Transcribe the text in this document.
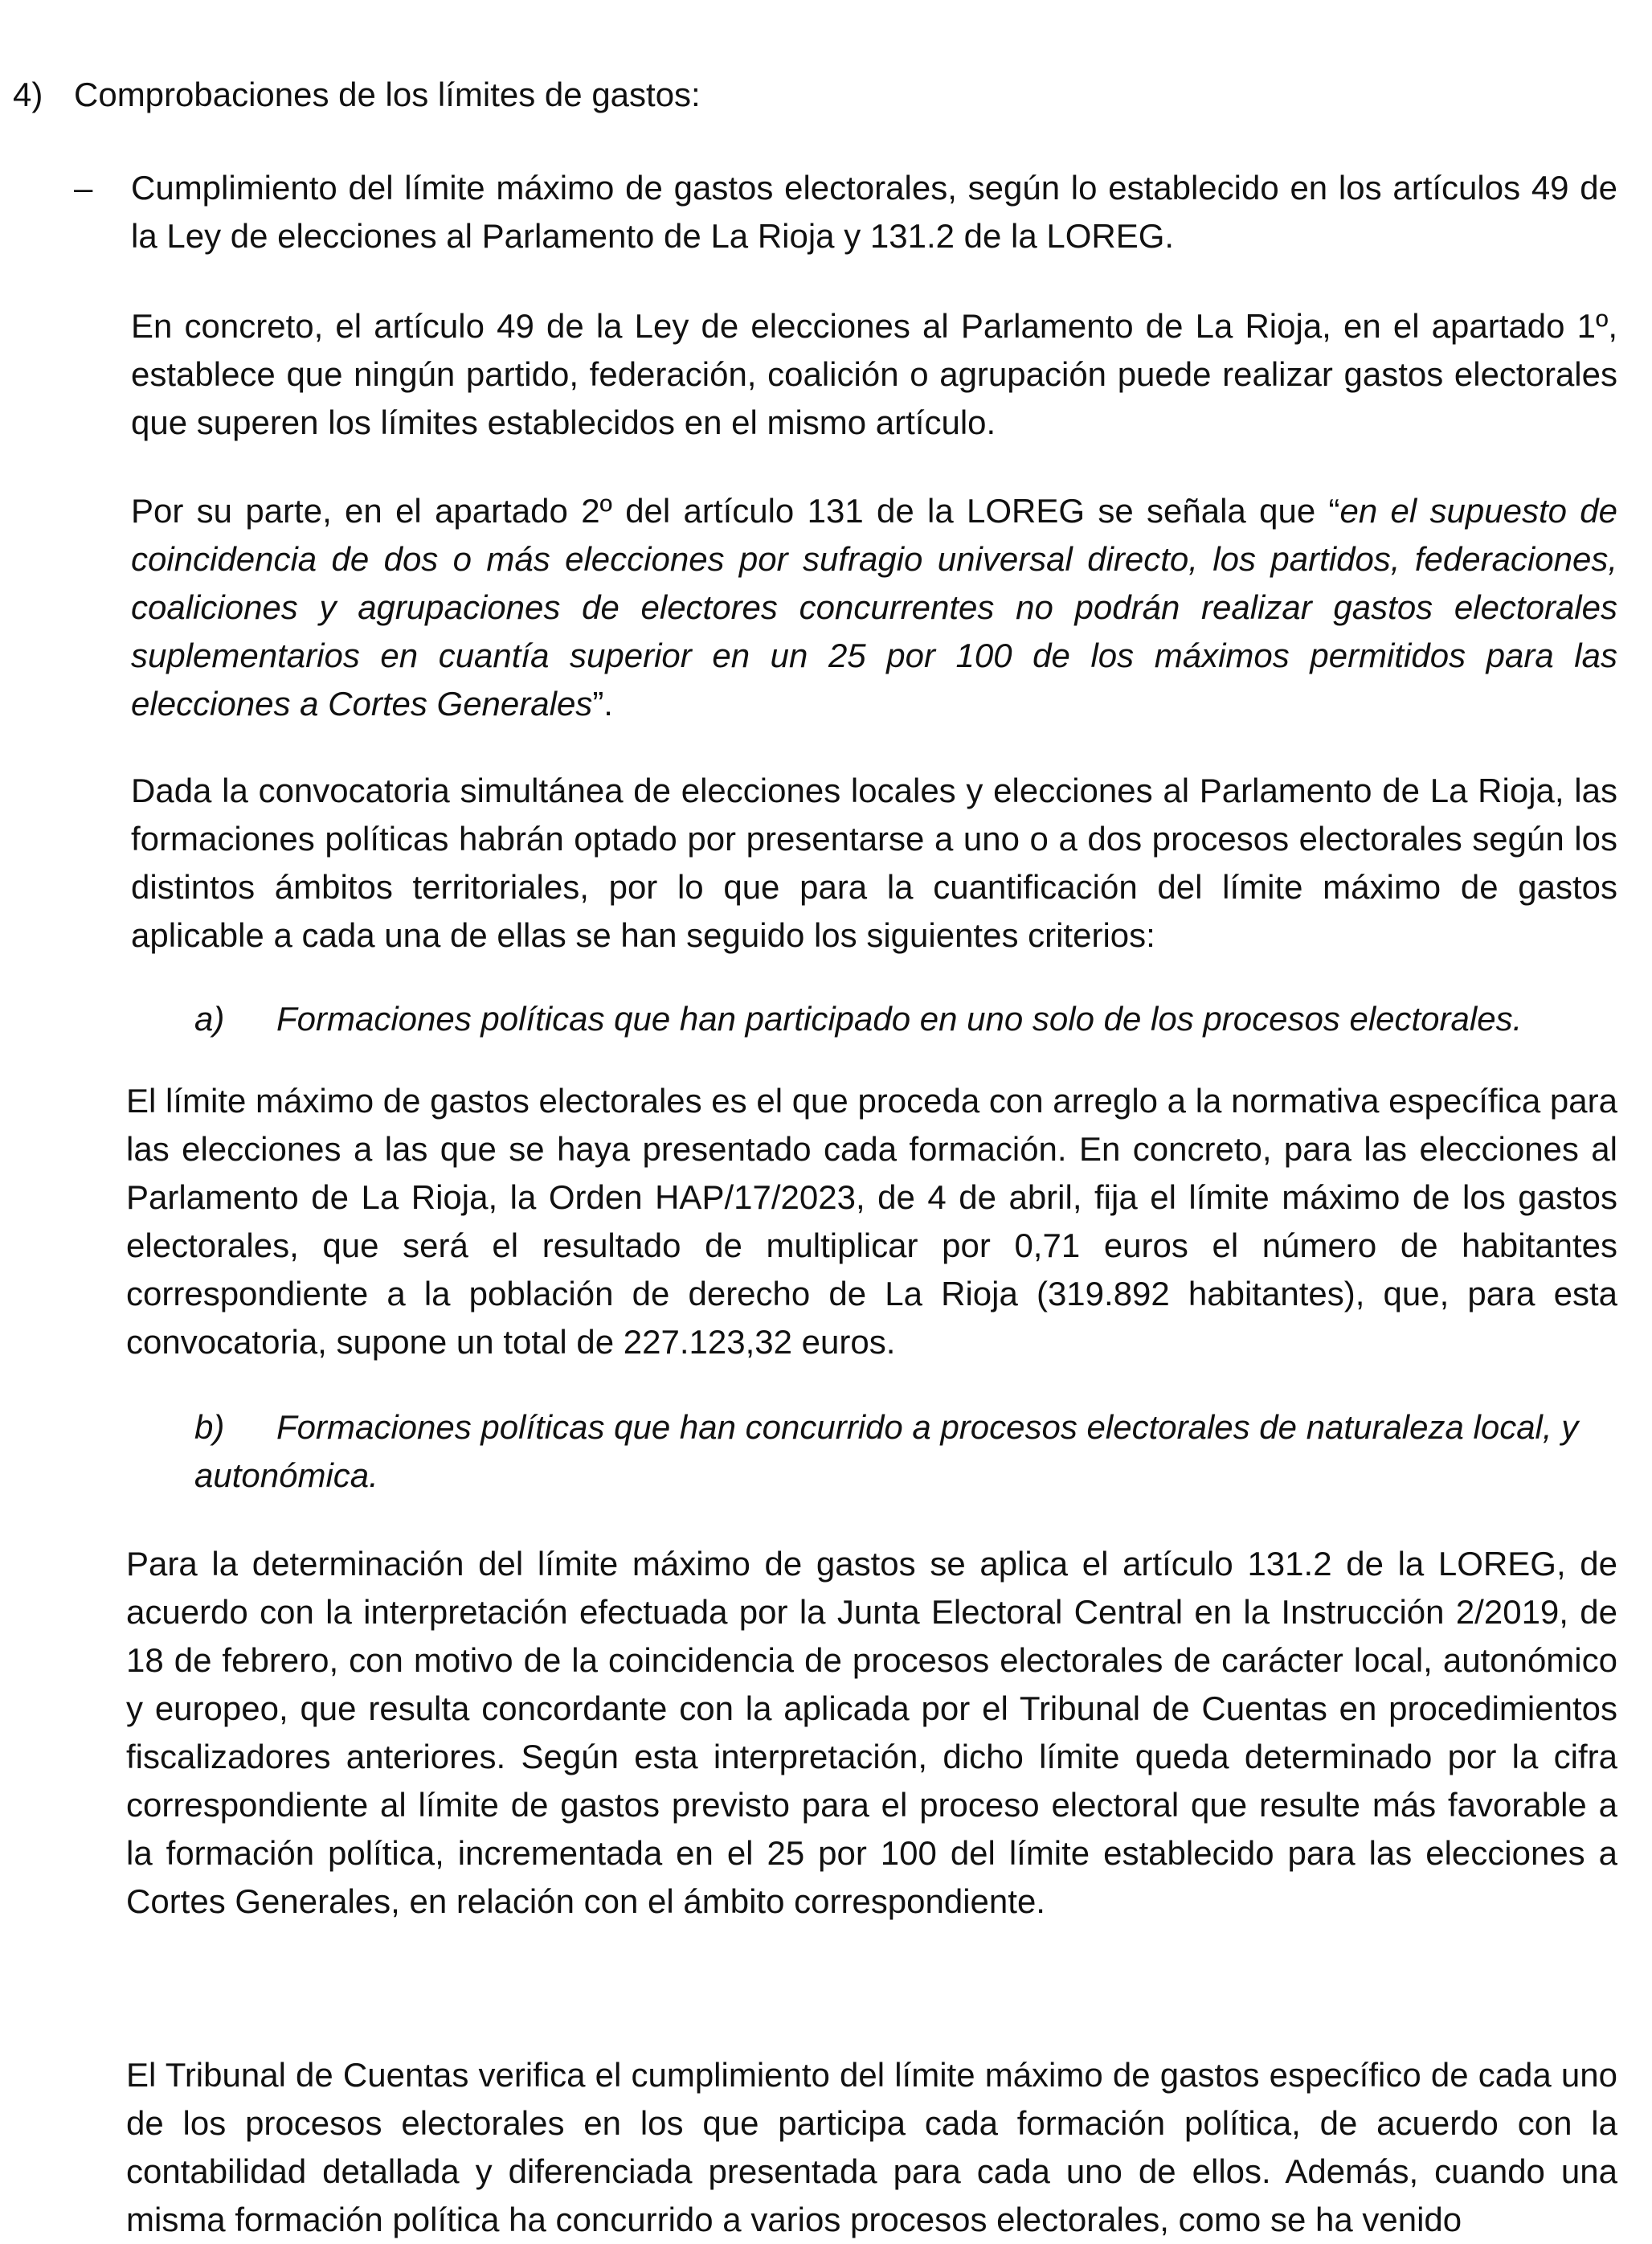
4) Comprobaciones de los límites de gastos:
– Cumplimiento del límite máximo de gastos electorales, según lo establecido en los artículos 49 de la Ley de elecciones al Parlamento de La Rioja y 131.2 de la LOREG.
En concreto, el artículo 49 de la Ley de elecciones al Parlamento de La Rioja, en el apartado 1º, establece que ningún partido, federación, coalición o agrupación puede realizar gastos electorales que superen los límites establecidos en el mismo artículo.
Por su parte, en el apartado 2º del artículo 131 de la LOREG se señala que “en el supuesto de coincidencia de dos o más elecciones por sufragio universal directo, los partidos, federaciones, coaliciones y agrupaciones de electores concurrentes no podrán realizar gastos electorales suplementarios en cuantía superior en un 25 por 100 de los máximos permitidos para las elecciones a Cortes Generales”.
Dada la convocatoria simultánea de elecciones locales y elecciones al Parlamento de La Rioja, las formaciones políticas habrán optado por presentarse a uno o a dos procesos electorales según los distintos ámbitos territoriales, por lo que para la cuantificación del límite máximo de gastos aplicable a cada una de ellas se han seguido los siguientes criterios:
a) Formaciones políticas que han participado en uno solo de los procesos electorales.
El límite máximo de gastos electorales es el que proceda con arreglo a la normativa específica para las elecciones a las que se haya presentado cada formación. En concreto, para las elecciones al Parlamento de La Rioja, la Orden HAP/17/2023, de 4 de abril, fija el límite máximo de los gastos electorales, que será el resultado de multiplicar por 0,71 euros el número de habitantes correspondiente a la población de derecho de La Rioja (319.892 habitantes), que, para esta convocatoria, supone un total de 227.123,32 euros.
b) Formaciones políticas que han concurrido a procesos electorales de naturaleza local, y autonómica.
Para la determinación del límite máximo de gastos se aplica el artículo 131.2 de la LOREG, de acuerdo con la interpretación efectuada por la Junta Electoral Central en la Instrucción 2/2019, de 18 de febrero, con motivo de la coincidencia de procesos electorales de carácter local, autonómico y europeo, que resulta concordante con la aplicada por el Tribunal de Cuentas en procedimientos fiscalizadores anteriores. Según esta interpretación, dicho límite queda determinado por la cifra correspondiente al límite de gastos previsto para el proceso electoral que resulte más favorable a la formación política, incrementada en el 25 por 100 del límite establecido para las elecciones a Cortes Generales, en relación con el ámbito correspondiente.
El Tribunal de Cuentas verifica el cumplimiento del límite máximo de gastos específico de cada uno de los procesos electorales en los que participa cada formación política, de acuerdo con la contabilidad detallada y diferenciada presentada para cada uno de ellos. Además, cuando una misma formación política ha concurrido a varios procesos electorales, como se ha venido
